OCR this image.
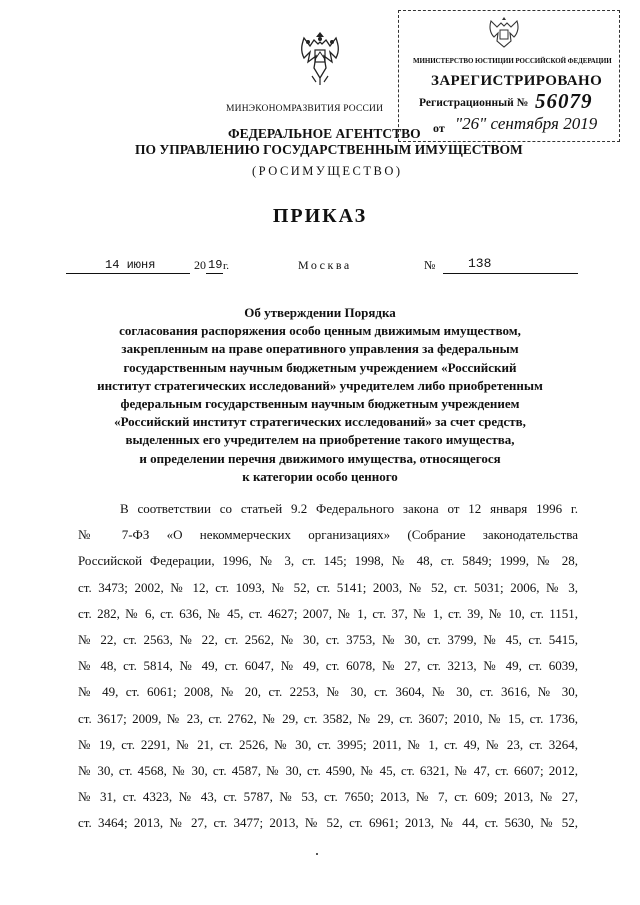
МИНЭКОНОМРАЗВИТИЯ РОССИИ
ФЕДЕРАЛЬНОЕ АГЕНТСТВО
ПО УПРАВЛЕНИЮ ГОСУДАРСТВЕННЫМ ИМУЩЕСТВОМ
(РОСИМУЩЕСТВО)
МИНИСТЕРСТВО ЮСТИЦИИ РОССИЙСКОЙ ФЕДЕРАЦИИ
ЗАРЕГИСТРИРОВАНО
Регистрационный № 56079
от "26" сентября 2019
ПРИКАЗ
14 июня	20 19 г.	Москва	№	138
Об утверждении Порядка
согласования распоряжения особо ценным движимым имуществом,
закрепленным на праве оперативного управления за федеральным
государственным научным бюджетным учреждением «Российский
институт стратегических исследований» учредителем либо приобретенным
федеральным государственным научным бюджетным учреждением
«Российский институт стратегических исследований» за счет средств,
выделенных его учредителем на приобретение такого имущества,
и определении перечня движимого имущества, относящегося
к категории особо ценного
В соответствии со статьей 9.2 Федерального закона от 12 января 1996 г.
№ 7-ФЗ «О некоммерческих организациях» (Собрание законодательства
Российской Федерации, 1996, № 3, ст. 145; 1998, № 48, ст. 5849; 1999, № 28,
ст. 3473; 2002, № 12, ст. 1093, № 52, ст. 5141; 2003, № 52, ст. 5031; 2006, № 3,
ст. 282, № 6, ст. 636, № 45, ст. 4627; 2007, № 1, ст. 37, № 1, ст. 39, № 10, ст. 1151,
№ 22, ст. 2563, № 22, ст. 2562, № 30, ст. 3753, № 30, ст. 3799, № 45, ст. 5415,
№ 48, ст. 5814, № 49, ст. 6047, № 49, ст. 6078, № 27, ст. 3213, № 49, ст. 6039,
№ 49, ст. 6061; 2008, № 20, ст. 2253, № 30, ст. 3604, № 30, ст. 3616, № 30,
ст. 3617; 2009, № 23, ст. 2762, № 29, ст. 3582, № 29, ст. 3607; 2010, № 15, ст. 1736,
№ 19, ст. 2291, № 21, ст. 2526, № 30, ст. 3995; 2011, № 1, ст. 49, № 23, ст. 3264,
№ 30, ст. 4568, № 30, ст. 4587, № 30, ст. 4590, № 45, ст. 6321, № 47, ст. 6607; 2012,
№ 31, ст. 4323, № 43, ст. 5787, № 53, ст. 7650; 2013, № 7, ст. 609; 2013, № 27,
ст. 3464; 2013, № 27, ст. 3477; 2013, № 52, ст. 6961; 2013, № 44, ст. 5630, № 52,
